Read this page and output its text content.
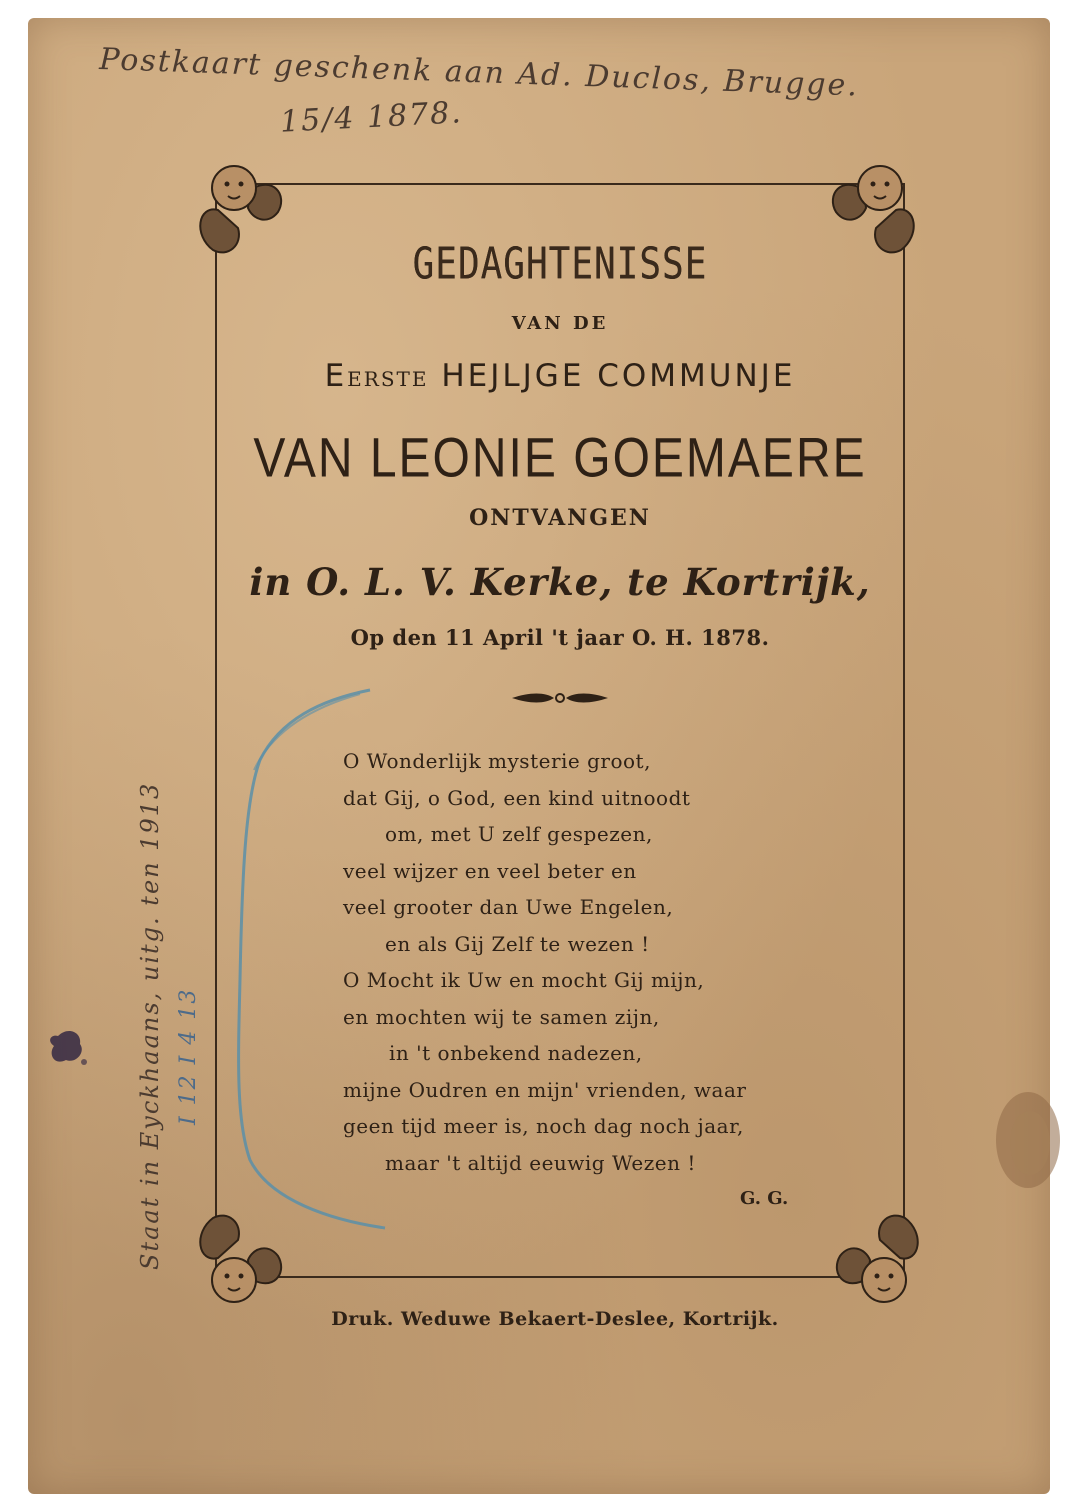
Postkaart geschenk aan Ad. Duclos, Brugge.
15/4 1878.
Staat in Eyckhaans, uitg. ten 1913 I 12 I 4 13
GEDAGHTENISSE
VAN DE
EERSTE HEJLJGE COMMUNJE
VAN LEONIE GOEMAERE
ONTVANGEN
in O. L. V. Kerke, te Kortrijk,
Op den 11 April 't jaar O. H. 1878.
O Wonderlijk mysterie groot,
dat Gij, o God, een kind uitnoodt
om, met U zelf gespezen,
veel wijzer en veel beter en
veel grooter dan Uwe Engelen,
en als Gij Zelf te wezen !
O Mocht ik Uw en mocht Gij mijn,
en mochten wij te samen zijn,
in 't onbekend nadezen,
mijne Oudren en mijn' vrienden, waar
geen tijd meer is, noch dag noch jaar,
maar 't altijd eeuwig Wezen !
G. G.
Druk. Weduwe Bekaert-Deslee, Kortrijk.
